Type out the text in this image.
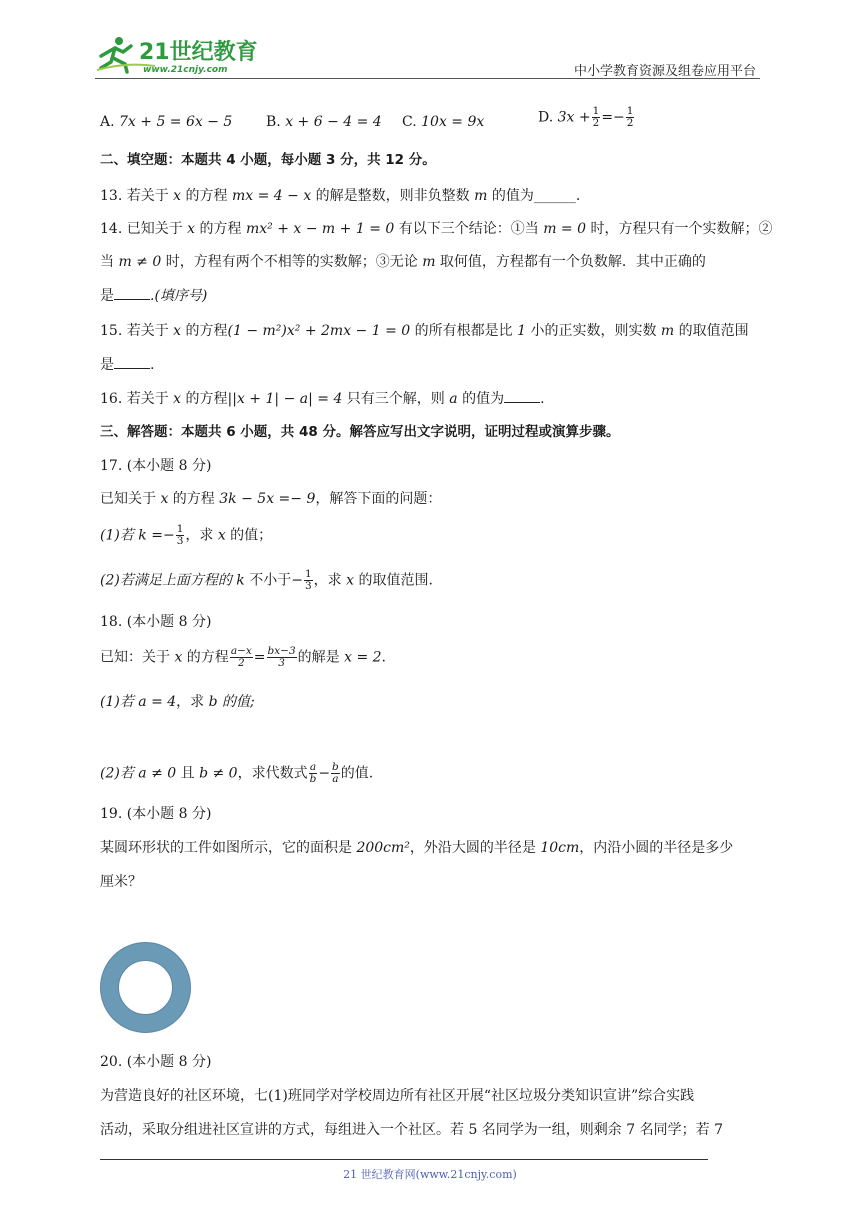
21世纪教育
www.21cnjy.com	中小学教育资源及组卷应用平台
A. 7x + 5 = 6x − 5 B. x + 6 − 4 = 4 C. 10x = 9x	D. $3x + \frac{1}{2} =- \frac{1}{2}$
二、填空题：本题共 4 小题，每小题 3 分，共 12 分。
13. 若关于 x 的方程 mx = 4 − x 的解是整数，则非负整数 m 的值为______.
14. 已知关于 x 的方程 mx² + x − m + 1 = 0 有以下三个结论：①当 m = 0 时，方程只有一个实数解；②
当 m ≠ 0 时，方程有两个不相等的实数解；③无论 m 取何值，方程都有一个负数解．其中正确的
是	.(填序号)
15. 若关于 x 的方程(1 − m²)x² + 2mx − 1 = 0 的所有根都是比 1 小的正实数，则实数 m 的取值范围
是	.
16. 若关于 x 的方程||x + 1| − a| = 4 只有三个解，则 a 的值为	.
三、解答题：本题共 6 小题，共 48 分。解答应写出文字说明，证明过程或演算步骤。
17. (本小题 8 分)
已知关于 x 的方程 3k − 5x =− 9，解答下面的问题：
(1)若 $k =- \frac{1}{3}$ ，求 x 的值；
(2)若满足上面方程的 k 不小于− $\frac{1}{3}$ ，求 x 的取值范围.
18. (本小题 8 分)
已知：关于 x 的方程 $\frac{a-x}{2} = \frac{bx-3}{3}$ 的解是 x = 2.
(1)若 a = 4，求 b 的值;
(2)若 a ≠ 0 且 b ≠ 0，求代数式 $\frac{a}{b} - \frac{b}{a}$ 的值.
19. (本小题 8 分)
某圆环形状的工件如图所示，它的面积是 200cm²，外沿大圆的半径是 10cm，内沿小圆的半径是多少
厘米？
20. (本小题 8 分)
为营造良好的社区环境，七(1)班同学对学校周边所有社区开展“社区垃圾分类知识宣讲”综合实践
活动，采取分组进社区宣讲的方式，每组进入一个社区。若 5 名同学为一组，则剩余 7 名同学；若 7
21 世纪教育网(www.21cnjy.com)
